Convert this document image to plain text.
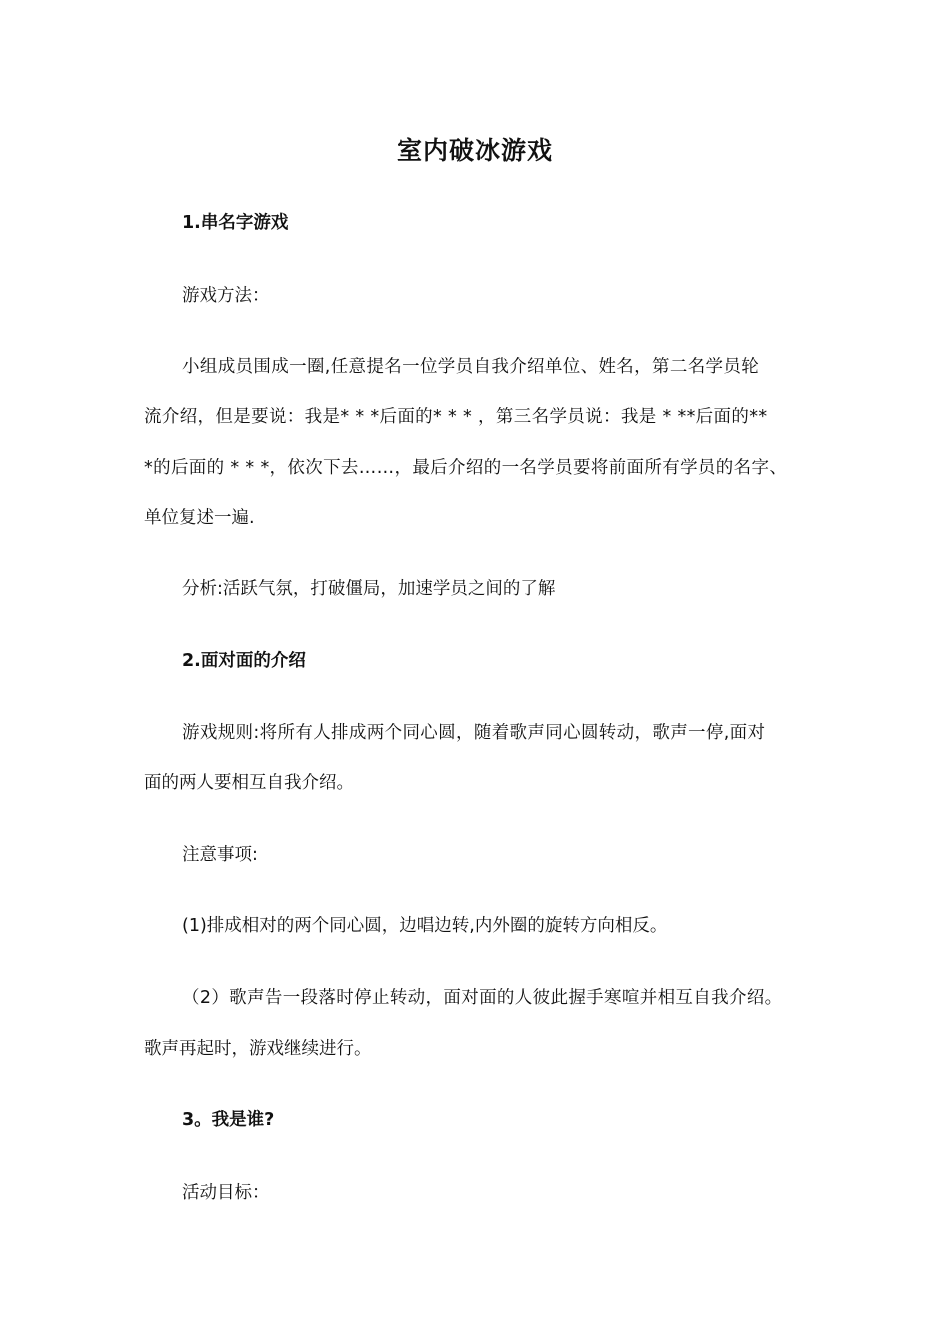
室内破冰游戏
1.串名字游戏
游戏方法：
小组成员围成一圈,任意提名一位学员自我介绍单位、姓名，第二名学员轮
流介绍，但是要说：我是* * *后面的* * * ，第三名学员说：我是 * **后面的**
*的后面的 * * *，依次下去……，最后介绍的一名学员要将前面所有学员的名字、
单位复述一遍.
分析:活跃气氛，打破僵局，加速学员之间的了解
2.面对面的介绍
游戏规则:将所有人排成两个同心圆，随着歌声同心圆转动，歌声一停,面对
面的两人要相互自我介绍。
注意事项:
(1)排成相对的两个同心圆，边唱边转,内外圈的旋转方向相反。
（2）歌声告一段落时停止转动，面对面的人彼此握手寒喧并相互自我介绍。
歌声再起时，游戏继续进行。
3。我是谁?
活动目标：
